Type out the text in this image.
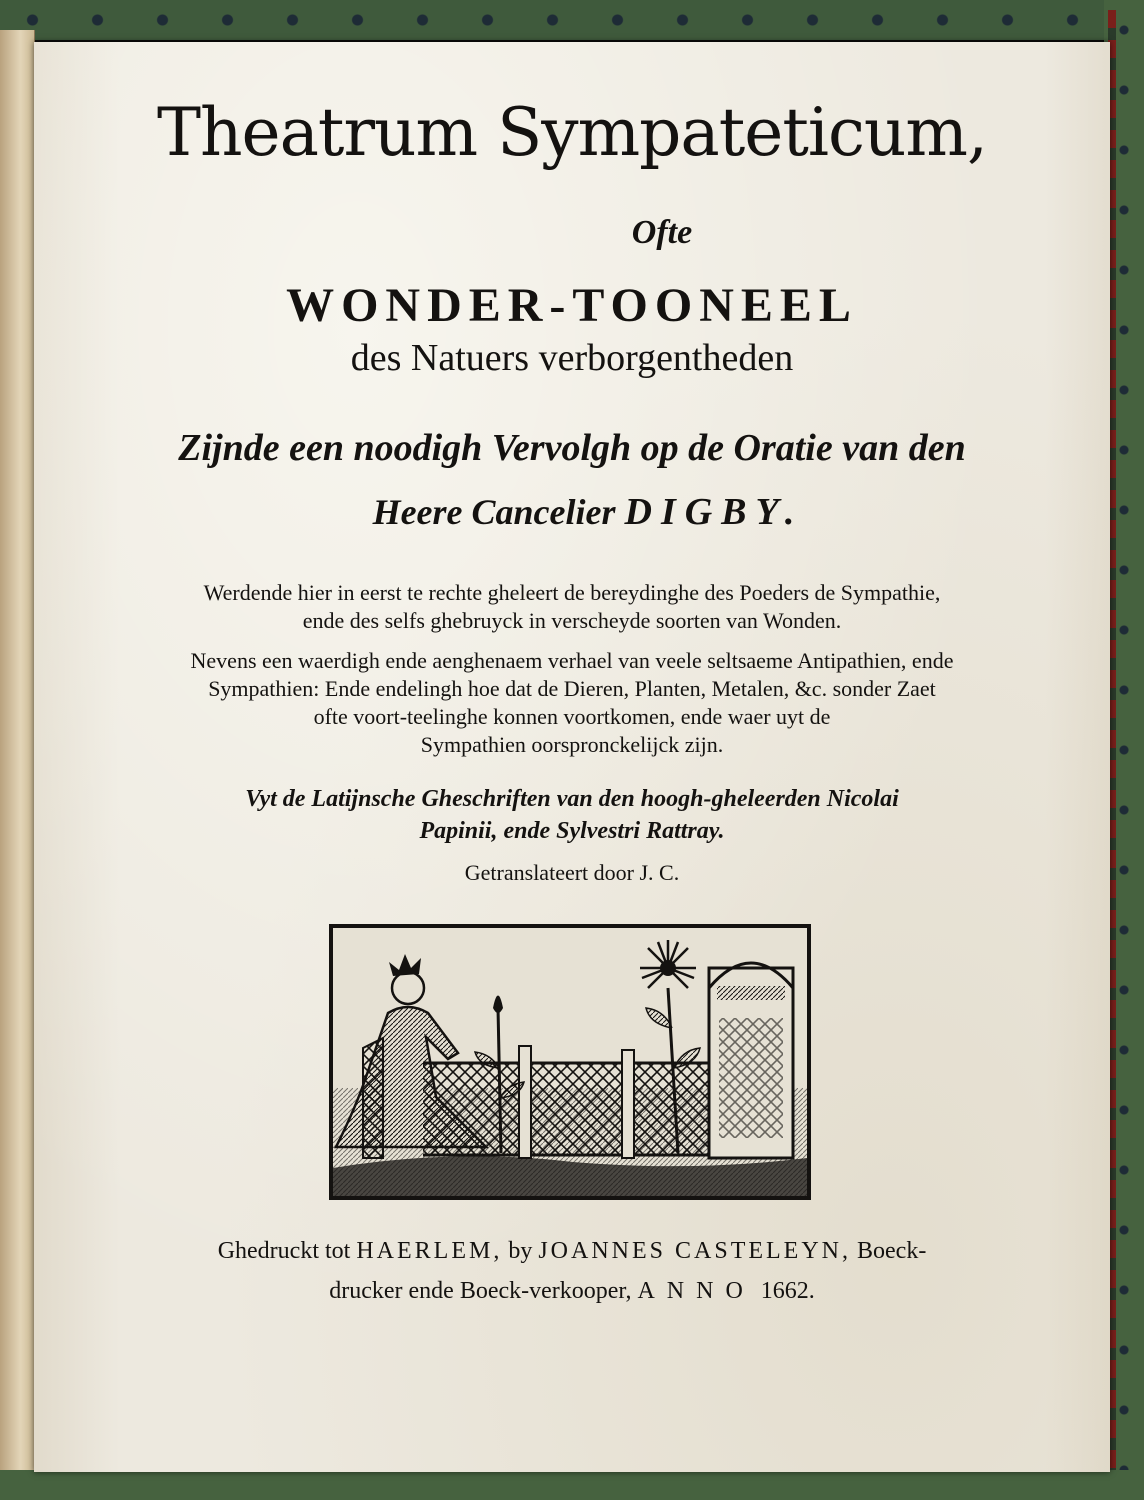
Theatrum Sympateticum,
Ofte
WONDER-TOONEEL
des Natuers verborgentheden
Zijnde een noodigh Vervolgh op de Oratie van den
Heere Cancelier DIGBY.
Werdende hier in eerst te rechte gheleert de bereydinghe des Poeders de Sympathie,
ende des selfs ghebruyck in verscheyde soorten van Wonden.
Nevens een waerdigh ende aenghenaem verhael van veele seltsaeme Antipathien, ende
Sympathien: Ende endelingh hoe dat de Dieren, Planten, Metalen, &c. sonder Zaet
ofte voort-teelinghe konnen voortkomen, ende waer uyt de
Sympathien oorspronckelijck zijn.
Vyt de Latijnsche Gheschriften van den hoogh-gheleerden Nicolai
Papinii, ende Sylvestri Rattray.
Getranslateert door J. C.
Ghedruckt tot HAERLEM, by JOANNES CASTELEYN, Boeck-
drucker ende Boeck-verkooper, ANNO 1662.
